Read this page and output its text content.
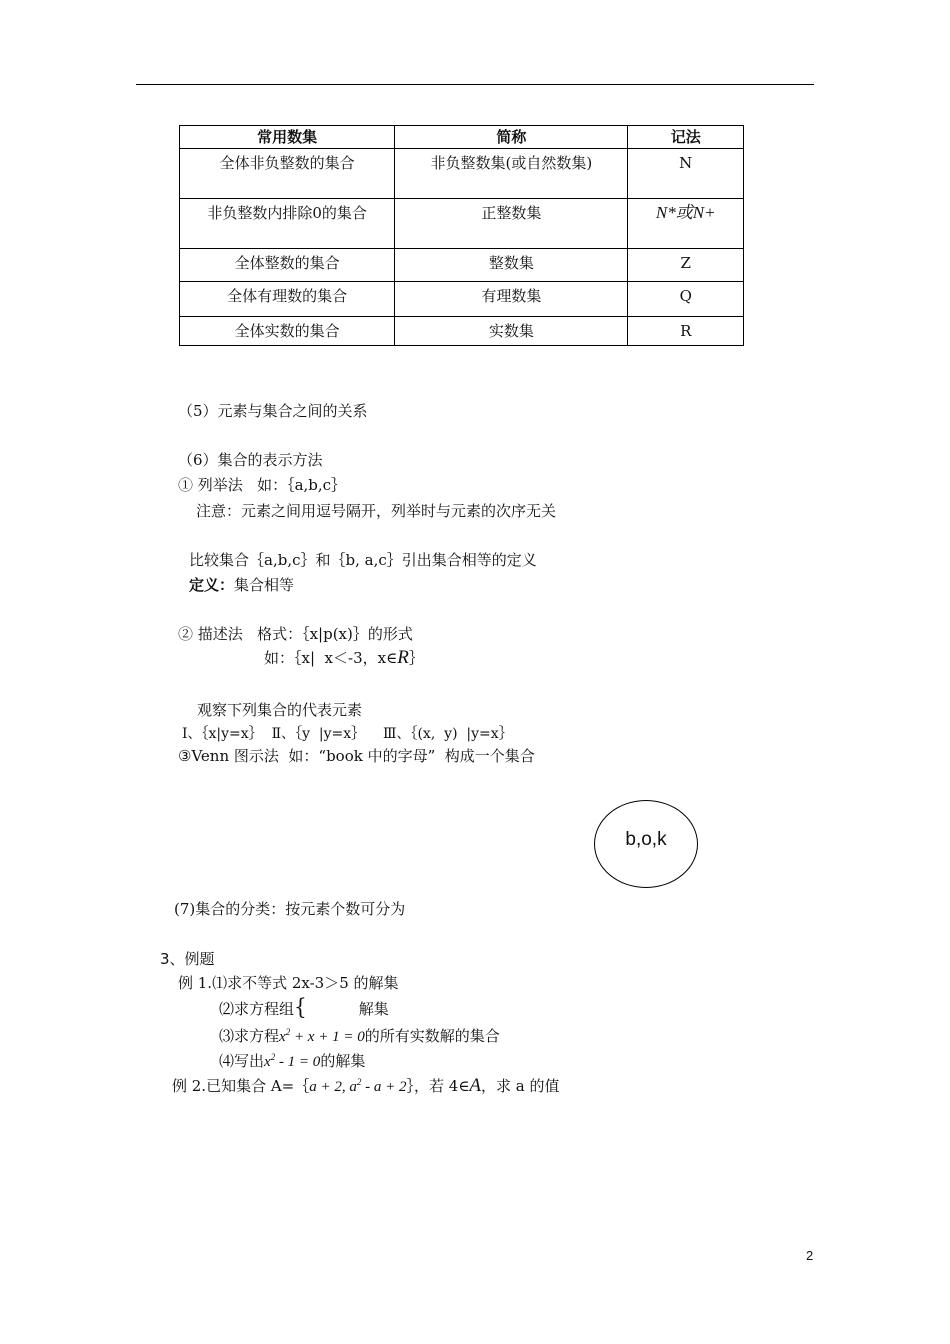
常用数集	简称	记法
全体非负整数的集合	非负整数集(或自然数集)	N
非负整数内排除0的集合	正整数集	N*或N+
全体整数的集合	整数集	Z
全体有理数的集合	有理数集	Q
全体实数的集合	实数集	R
（5）元素与集合之间的关系
（6）集合的表示方法
① 列举法   如：｛a,b,c｝
注意：元素之间用逗号隔开，列举时与元素的次序无关
比较集合｛a,b,c｝和｛b, a,c｝引出集合相等的定义
定义：集合相等
② 描述法   格式：｛x|p(x)｝的形式
如：｛x|  x＜-3，x∈R｝
观察下列集合的代表元素
Ⅰ、｛x|y=x｝  Ⅱ、｛y  |y=x｝    Ⅲ、｛(x,  y)  |y=x｝
③Venn 图示法  如：“book 中的字母”  构成一个集合
b,o,k
(7)集合的分类：按元素个数可分为
3、例题
例 1.⑴求不等式 2x-3＞5 的解集
⑵求方程组{	解集
⑶求方程$x^2 + x + 1 = 0$的所有实数解的集合
⑷写出$x^2 - 1 = 0$的解集
例 2.已知集合 A=｛a + 2, $a^2$ - a + 2｝，若 4∈A，求 a 的值
2
